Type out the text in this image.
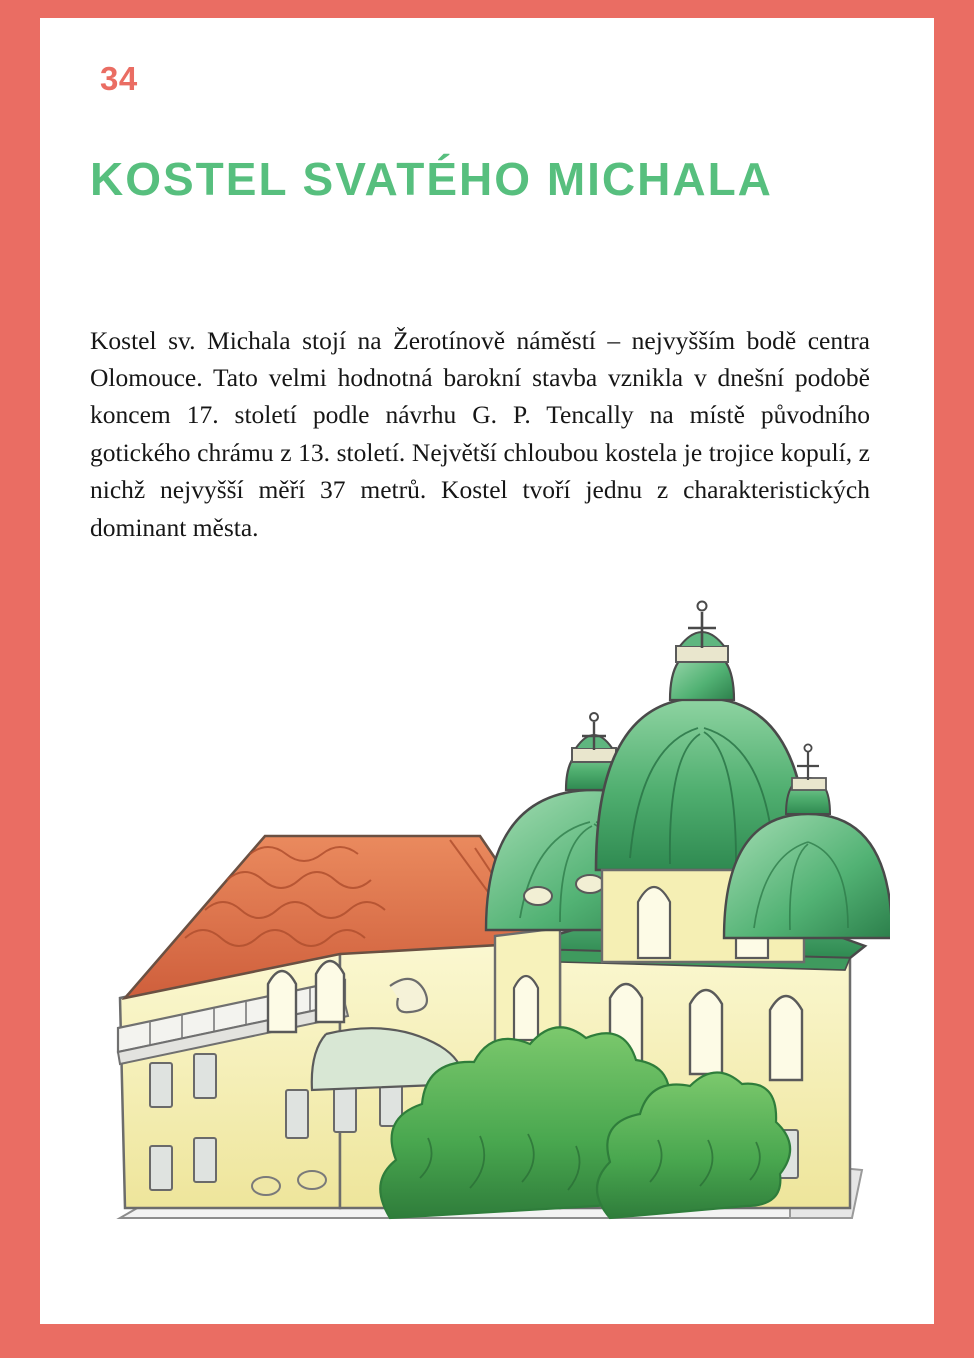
34
KOSTEL SVATÉHO MICHALA

Kostel sv. Michala stojí na Žerotínově náměstí – nejvyšším bodě centra Olomouce. Tato velmi hodnotná barokní stavba vznikla v dnešní podobě koncem 17. století podle návrhu G. P. Tencally na místě původního gotického chrámu z 13. století. Největší chloubou kostela je trojice kopulí, z nichž nejvyšší měří 37 metrů. Kostel tvoří jednu z charakteristických dominant města.
